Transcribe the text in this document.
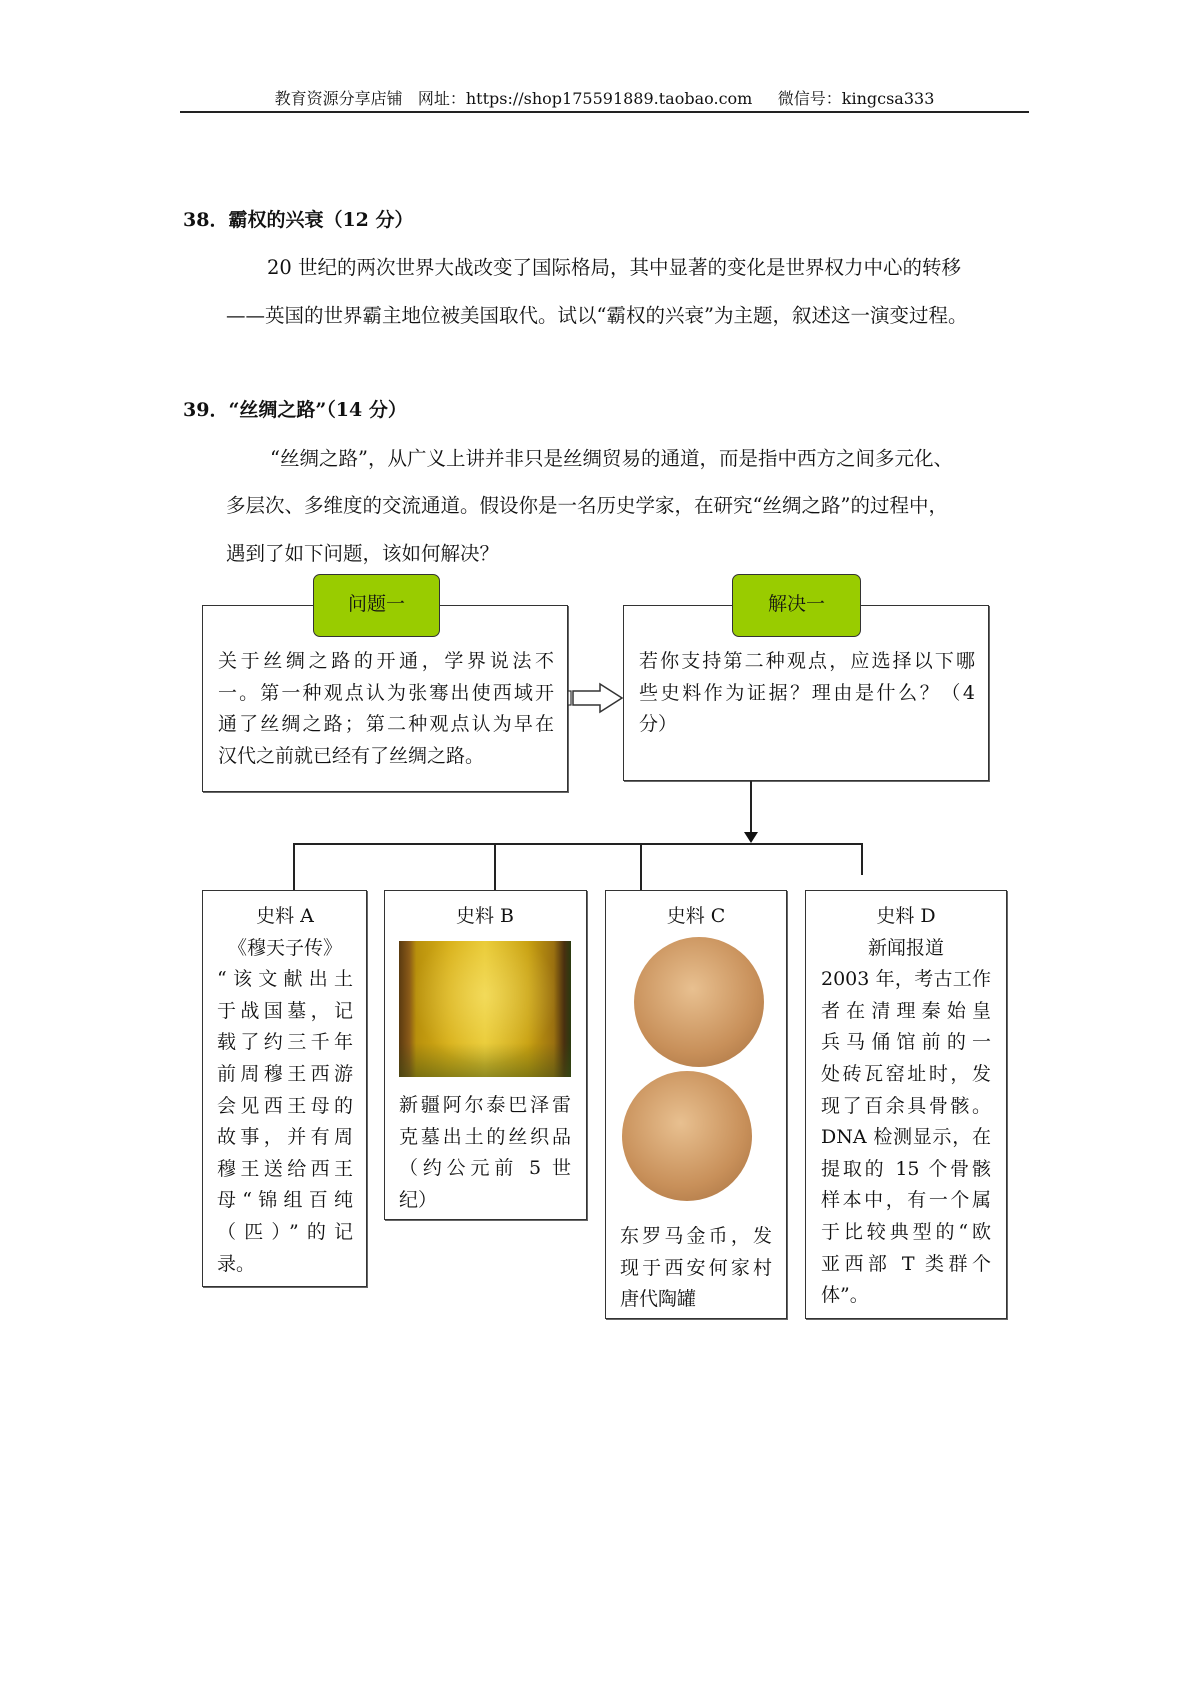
教育资源分享店铺   网址：https://shop175591889.taobao.com     微信号：kingcsa333
38．霸权的兴衰（12 分）
20 世纪的两次世界大战改变了国际格局，其中显著的变化是世界权力中心的转移
——英国的世界霸主地位被美国取代。试以“霸权的兴衰”为主题，叙述这一演变过程。
39．“丝绸之路”（14 分）
“丝绸之路”，从广义上讲并非只是丝绸贸易的通道，而是指中西方之间多元化、
多层次、多维度的交流通道。假设你是一名历史学家，在研究“丝绸之路”的过程中，
遇到了如下问题，该如何解决？
关于丝绸之路的开通，学界说法不
一。第一种观点认为张骞出使西域开
通了丝绸之路；第二种观点认为早在
汉代之前就已经有了丝绸之路。
问题一
若你支持第二种观点，应选择以下哪
些史料作为证据？理由是什么？（4
分）
解决一
史料 A
《穆天子传》
“该文献出土
于战国墓，记
载了约三千年
前周穆王西游
会见西王母的
故事，并有周
穆王送给西王
母“锦组百纯
（匹）”的记
录。
史料 B
新疆阿尔泰巴泽雷
克墓出土的丝织品
（约公元前 5 世
纪）
史料 C
东罗马金币，发
现于西安何家村
唐代陶罐
史料 D
新闻报道
2003 年，考古工作
者在清理秦始皇
兵马俑馆前的一
处砖瓦窑址时，发
现了百余具骨骸。
DNA 检测显示，在
提取的 15 个骨骸
样本中，有一个属
于比较典型的“欧
亚西部 T 类群个
体”。
